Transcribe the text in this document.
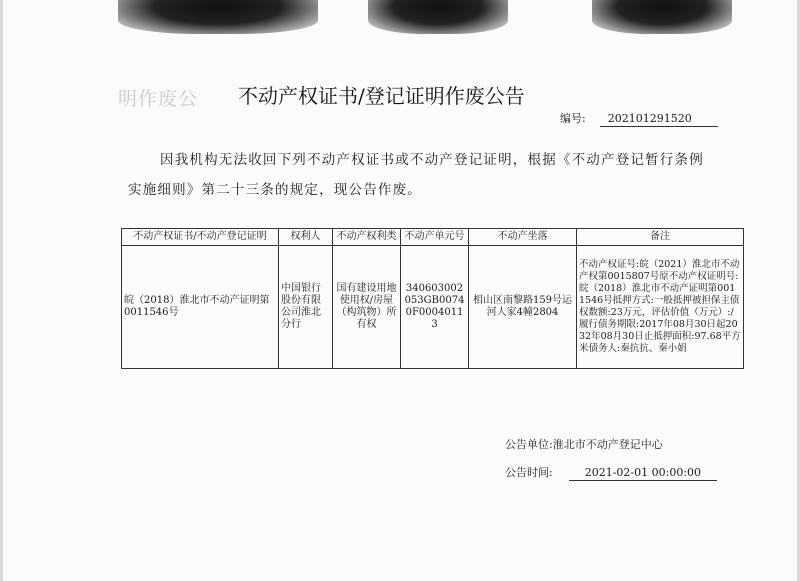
明作废公 不动产权证书/登记证明作废公告
编号: 202101291520
因我机构无法收回下列不动产权证书或不动产登记证明，根据《不动产登记暂行条例
实施细则》第二十三条的规定，现公告作废。
不动产权证书/不动产登记证明	权利人	不动产权利类	不动产单元号	不动产坐落	备注
皖（2018）淮北市不动产证明第0011546号	中国银行股份有限公司淮北分行	国有建设用地使用权/房屋（构筑物）所有权	340603002053GB00740F00040113	相山区南黎路159号运河人家4幢2804	不动产权证号:皖（2021）淮北市不动产权第0015807号原不动产权证明号:皖（2018）淮北市不动产证明第0011546号抵押方式:一般抵押被担保主债权数额:23万元，评估价值（万元）:/履行债务期限:2017年08月30日起2032年08月30日止抵押面积:97.68平方米债务人:秦抗抗、秦小娟
公告单位:淮北市不动产登记中心
公告时间:	2021-02-01 00:00:00
